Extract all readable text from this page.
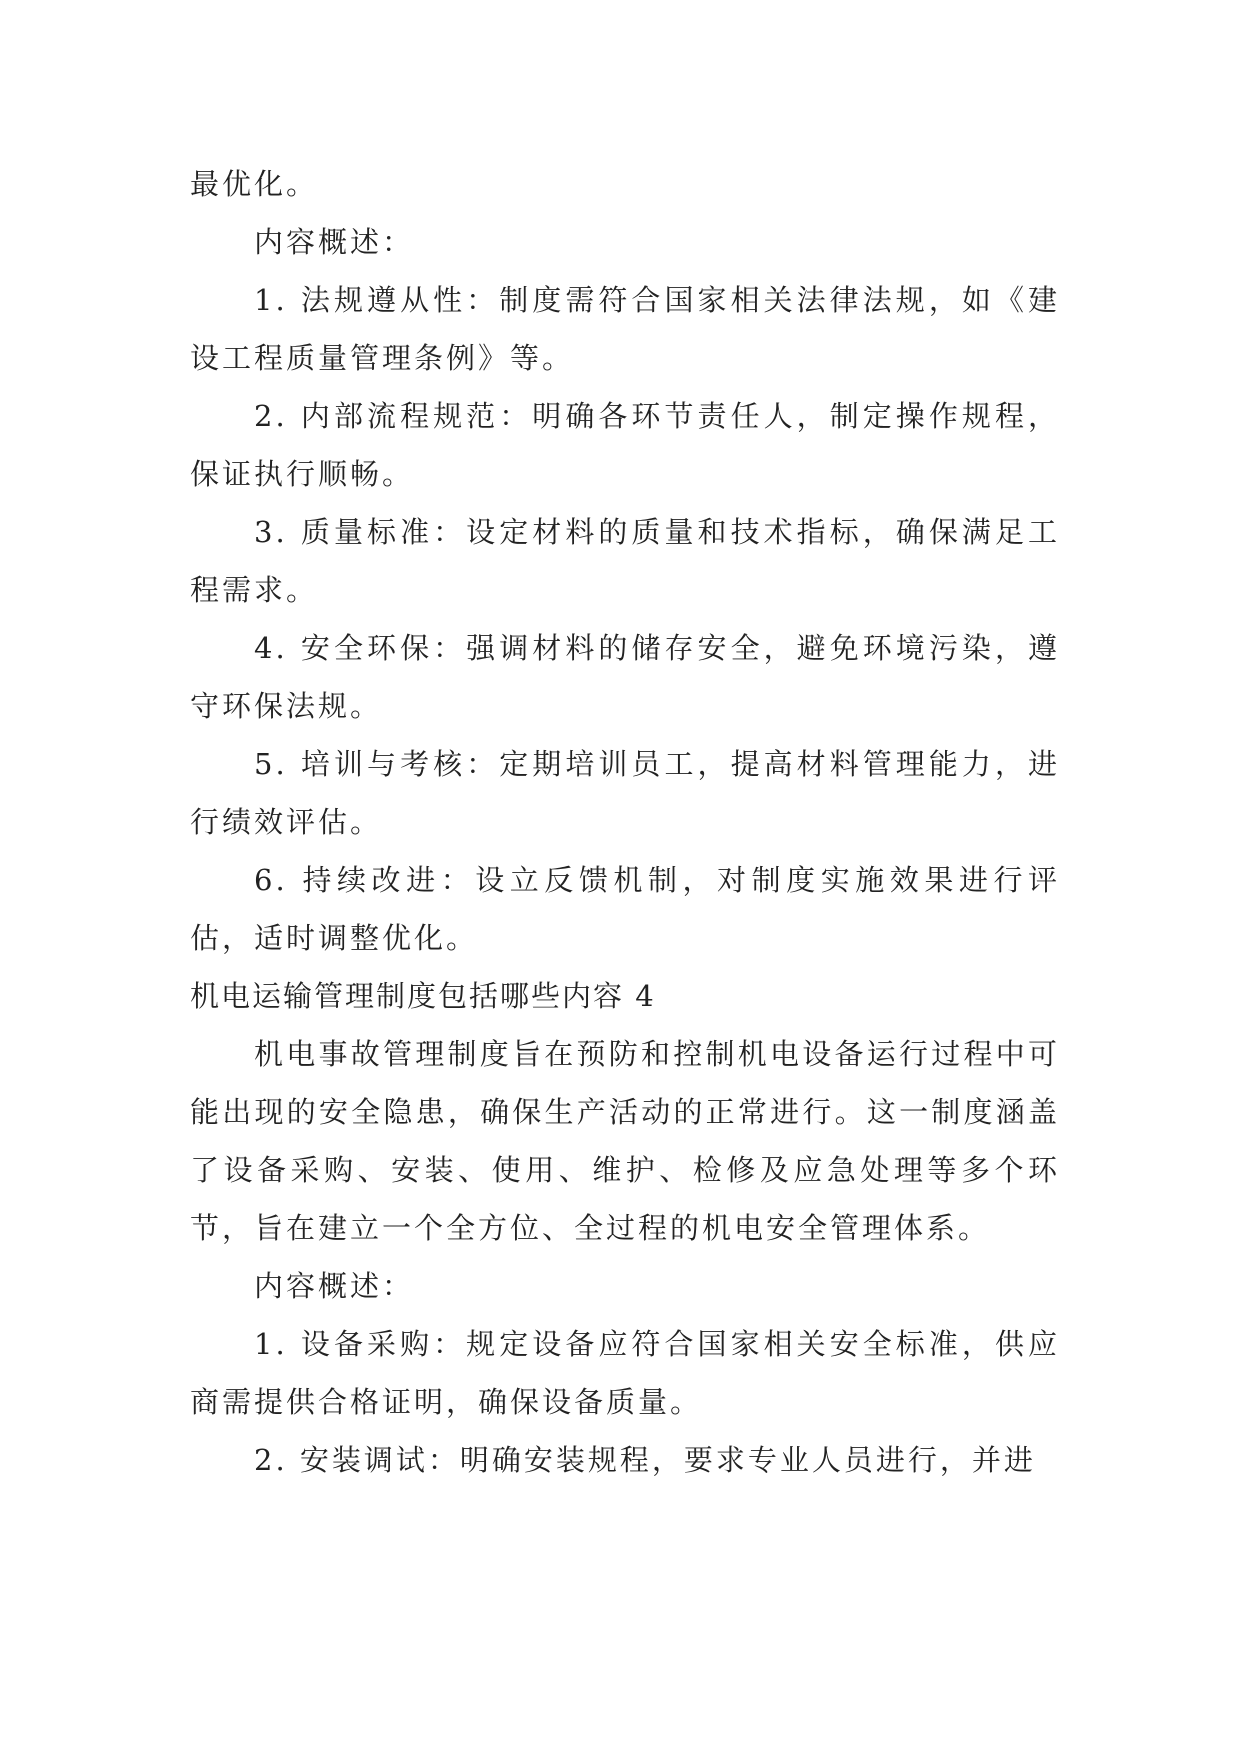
最优化。

内容概述：

1. 法规遵从性：制度需符合国家相关法律法规，如《建设工程质量管理条例》等。

2. 内部流程规范：明确各环节责任人，制定操作规程，保证执行顺畅。

3. 质量标准：设定材料的质量和技术指标，确保满足工程需求。

4. 安全环保：强调材料的储存安全，避免环境污染，遵守环保法规。

5. 培训与考核：定期培训员工，提高材料管理能力，进行绩效评估。

6. 持续改进：设立反馈机制，对制度实施效果进行评估，适时调整优化。

机电运输管理制度包括哪些内容 4

机电事故管理制度旨在预防和控制机电设备运行过程中可能出现的安全隐患，确保生产活动的正常进行。这一制度涵盖了设备采购、安装、使用、维护、检修及应急处理等多个环节，旨在建立一个全方位、全过程的机电安全管理体系。

内容概述：

1. 设备采购：规定设备应符合国家相关安全标准，供应商需提供合格证明，确保设备质量。

2. 安装调试：明确安装规程，要求专业人员进行，并进
